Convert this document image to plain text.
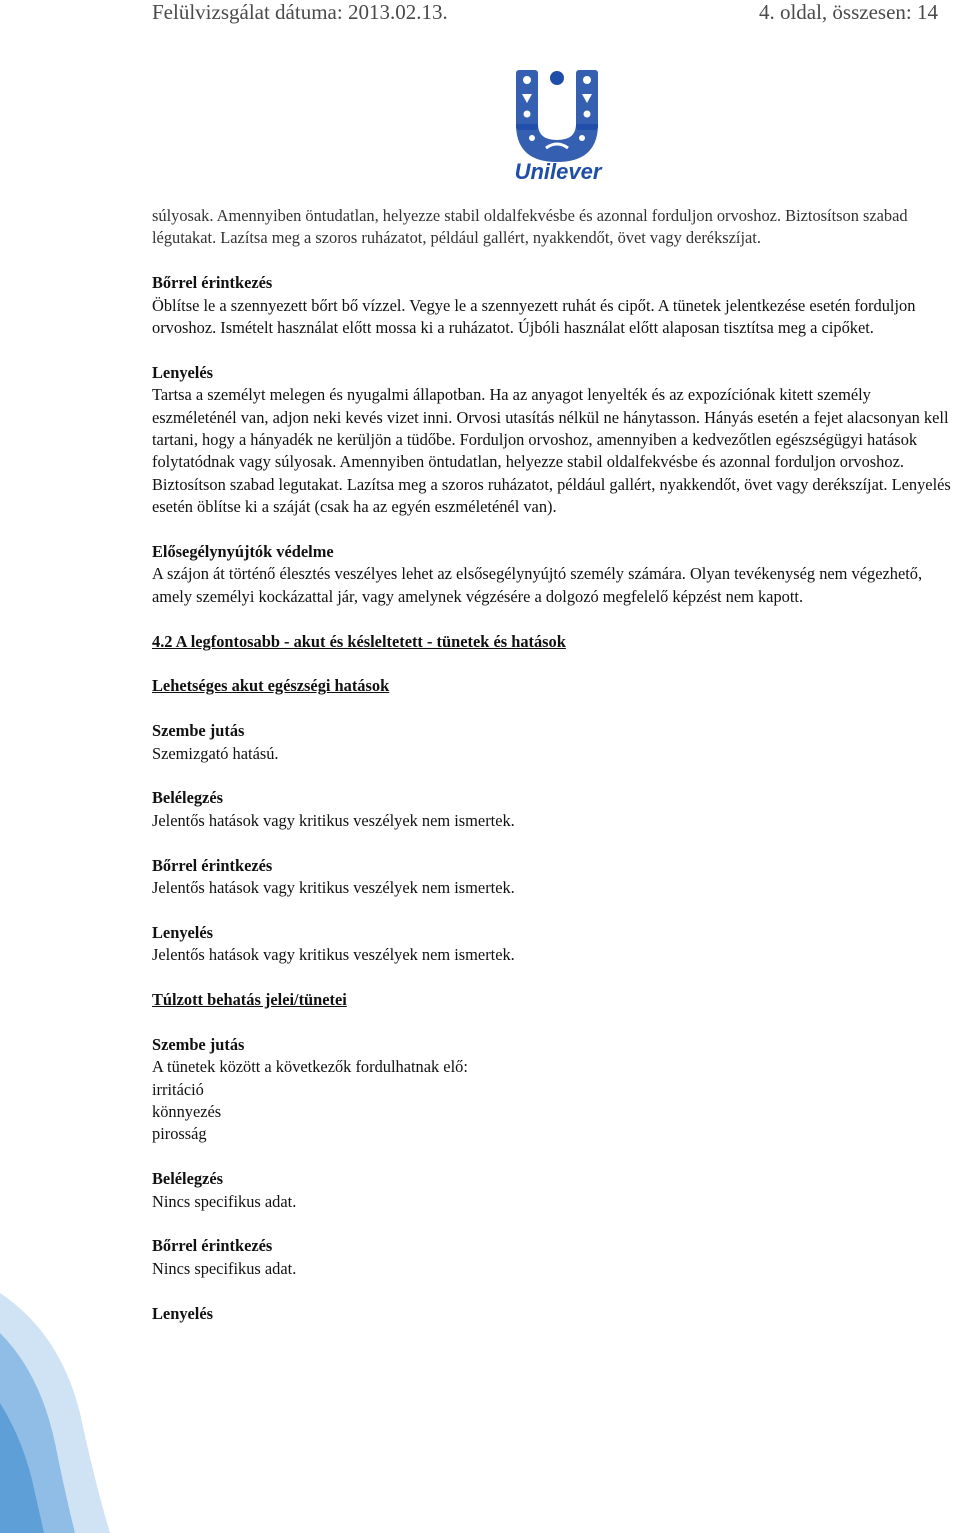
Felülvizsgálat dátuma: 2013.02.13.	4. oldal, összesen: 14
Unilever

súlyosak. Amennyiben öntudatlan, helyezze stabil oldalfekvésbe és azonnal forduljon orvoshoz. Biztosítson szabad légutakat. Lazítsa meg a szoros ruházatot, például gallért, nyakkendőt, övet vagy derékszíjat.

Bőrrel érintkezés
Öblítse le a szennyezett bőrt bő vízzel. Vegye le a szennyezett ruhát és cipőt. A tünetek jelentkezése esetén forduljon orvoshoz. Ismételt használat előtt mossa ki a ruházatot. Újbóli használat előtt alaposan tisztítsa meg a cipőket.

Lenyelés
Tartsa a személyt melegen és nyugalmi állapotban. Ha az anyagot lenyelték és az expozíciónak kitett személy eszméleténél van, adjon neki kevés vizet inni. Orvosi utasítás nélkül ne hánytasson. Hányás esetén a fejet alacsonyan kell tartani, hogy a hányadék ne kerüljön a tüdőbe. Forduljon orvoshoz, amennyiben a kedvezőtlen egészségügyi hatások folytatódnak vagy súlyosak. Amennyiben öntudatlan, helyezze stabil oldalfekvésbe és azonnal forduljon orvoshoz. Biztosítson szabad legutakat. Lazítsa meg a szoros ruházatot, például gallért, nyakkendőt, övet vagy derékszíjat. Lenyelés esetén öblítse ki a száját (csak ha az egyén eszméleténél van).

Elősegélynyújtók védelme
A szájon át történő élesztés veszélyes lehet az elsősegélynyújtó személy számára. Olyan tevékenység nem végezhető, amely személyi kockázattal jár, vagy amelynek végzésére a dolgozó megfelelő képzést nem kapott.

4.2 A legfontosabb - akut és késleltetett - tünetek és hatások

Lehetséges akut egészségi hatások

Szembe jutás
Szemizgató hatású.

Belélegzés
Jelentős hatások vagy kritikus veszélyek nem ismertek.

Bőrrel érintkezés
Jelentős hatások vagy kritikus veszélyek nem ismertek.

Lenyelés
Jelentős hatások vagy kritikus veszélyek nem ismertek.

Túlzott behatás jelei/tünetei

Szembe jutás
A tünetek között a következők fordulhatnak elő:
irritáció
könnyezés
pirosság

Belélegzés
Nincs specifikus adat.

Bőrrel érintkezés
Nincs specifikus adat.

Lenyelés
